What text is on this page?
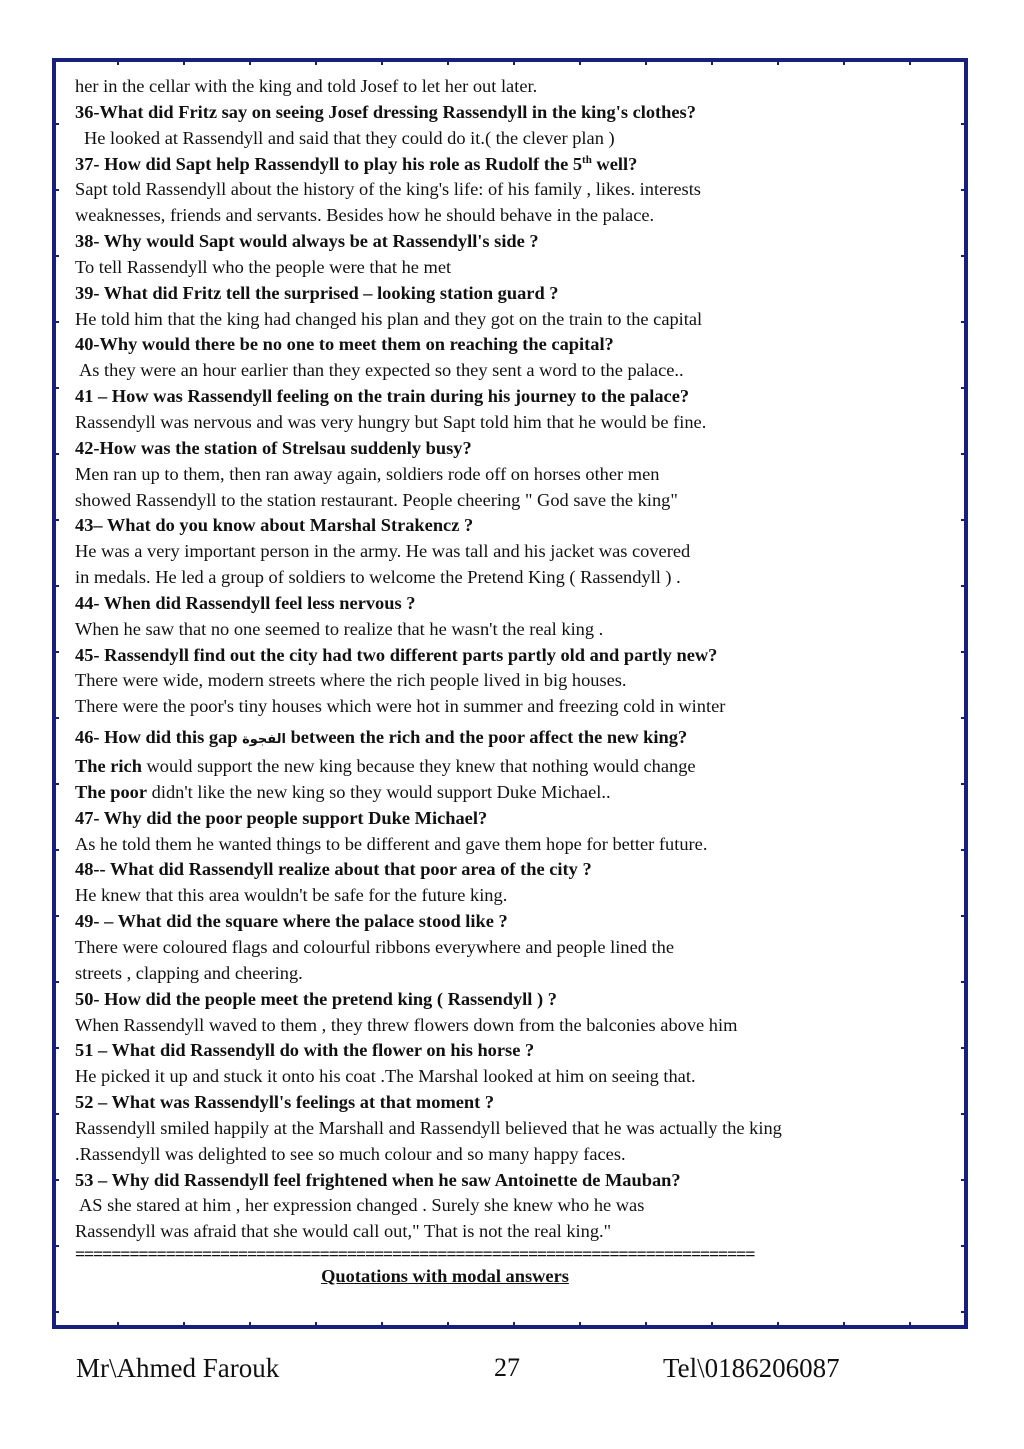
her in the cellar with the king and told Josef to let her out later.
36-What did Fritz say on seeing Josef dressing Rassendyll in the king's clothes?
He looked at Rassendyll and said that they could do it.( the clever plan )
37- How did Sapt help Rassendyll to play his role as Rudolf the 5th well?
Sapt told Rassendyll about the history of the king's life: of his family , likes. interests
weaknesses, friends and servants. Besides how he should behave in the palace.
38- Why would Sapt would always be at Rassendyll's side ?
To tell Rassendyll who the people were that he met
39- What did Fritz tell the surprised – looking station guard ?
He told him that the king had changed his plan and they got on the train to the capital
40-Why would there be no one to meet them on reaching the capital?
As they were an hour earlier than they expected so they sent a word to the palace..
41 – How was Rassendyll feeling on the train during his journey to the palace?
Rassendyll was nervous and was very hungry but Sapt told him that he would be fine.
42-How was the station of Strelsau suddenly busy?
Men ran up to them, then ran away again, soldiers rode off on horses other men
showed Rassendyll to the station restaurant. People cheering " God save the king"
43– What do you know about Marshal Strakencz ?
He was a very important person in the army. He was tall and his jacket was covered
in medals. He led a group of soldiers to welcome the Pretend King ( Rassendyll ) .
44- When did Rassendyll feel less nervous ?
When he saw that no one seemed to realize that he wasn't the real king .
45- Rassendyll find out the city had two different parts partly old and partly new?
There were wide, modern streets where the rich people lived in big houses.
There were the poor's tiny houses which were hot in summer and freezing cold in winter
46- How did this gap الفجوة between the rich and the poor affect the new king?
The rich would support the new king because they knew that nothing would change
The poor didn't like the new king so they would support Duke Michael..
47- Why did the poor people support Duke Michael?
As he told them he wanted things to be different and gave them hope for better future.
48-- What did Rassendyll realize about that poor area of the city ?
He knew that this area wouldn't be safe for the future king.
49- – What did the square where the palace stood like ?
There were coloured flags and colourful ribbons everywhere and people lined the
streets , clapping and cheering.
50- How did the people meet the pretend king ( Rassendyll ) ?
When Rassendyll waved to them , they threw flowers down from the balconies above him
51 – What did Rassendyll do with the flower on his horse ?
He picked it up and stuck it onto his coat .The Marshal looked at him on seeing that.
52 – What was Rassendyll's feelings at that moment ?
Rassendyll smiled happily at the Marshall and Rassendyll believed that he was actually the king
.Rassendyll was delighted to see so much colour and so many happy faces.
53 – Why did Rassendyll feel frightened when he saw Antoinette de Mauban?
AS she stared at him , her expression changed . Surely she knew who he was
Rassendyll was afraid that she would call out," That is not the real king."
===========================================================================
Quotations with modal answers
Mr\Ahmed Farouk	27	Tel\0186206087
